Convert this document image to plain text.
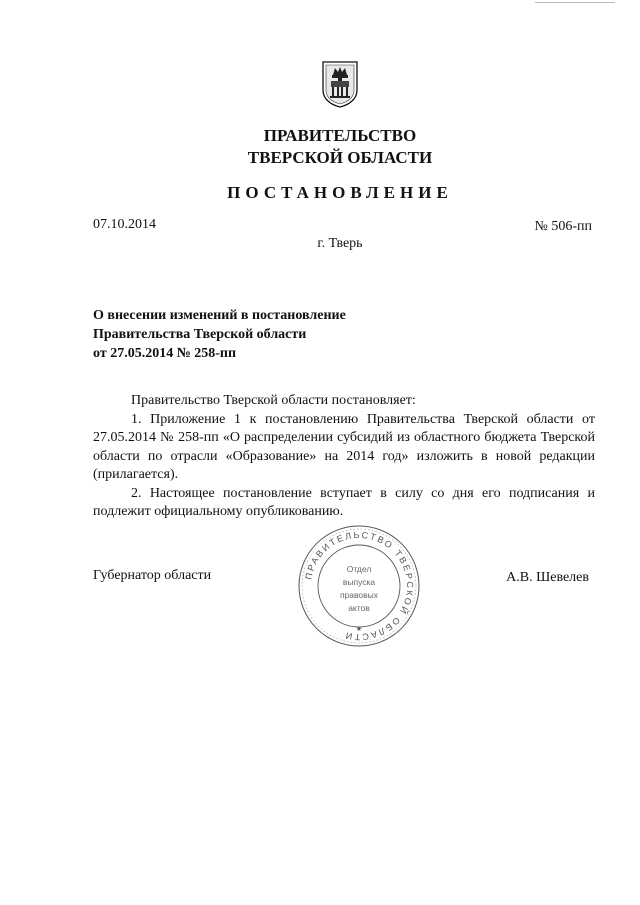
ПРАВИТЕЛЬСТВО
ТВЕРСКОЙ ОБЛАСТИ
ПОСТАНОВЛЕНИЕ
07.10.2014	№ 506-пп
г. Тверь
О внесении изменений в постановление
Правительства Тверской области
от 27.05.2014 № 258-пп

Правительство Тверской области постановляет:

1. Приложение 1 к постановлению Правительства Тверской области от 27.05.2014 № 258-пп «О распределении субсидий из областного бюджета Тверской области по отрасли «Образование» на 2014 год» изложить в новой редакции (прилагается).

2. Настоящее постановление вступает в силу со дня его подписания и подлежит официальному опубликованию.

Губернатор области	А.В. Шевелев
ПРАВИТЕЛЬСТВО ТВЕРСКОЙ ОБЛАСТИ
★
Отдел
выпуска
правовых
актов
